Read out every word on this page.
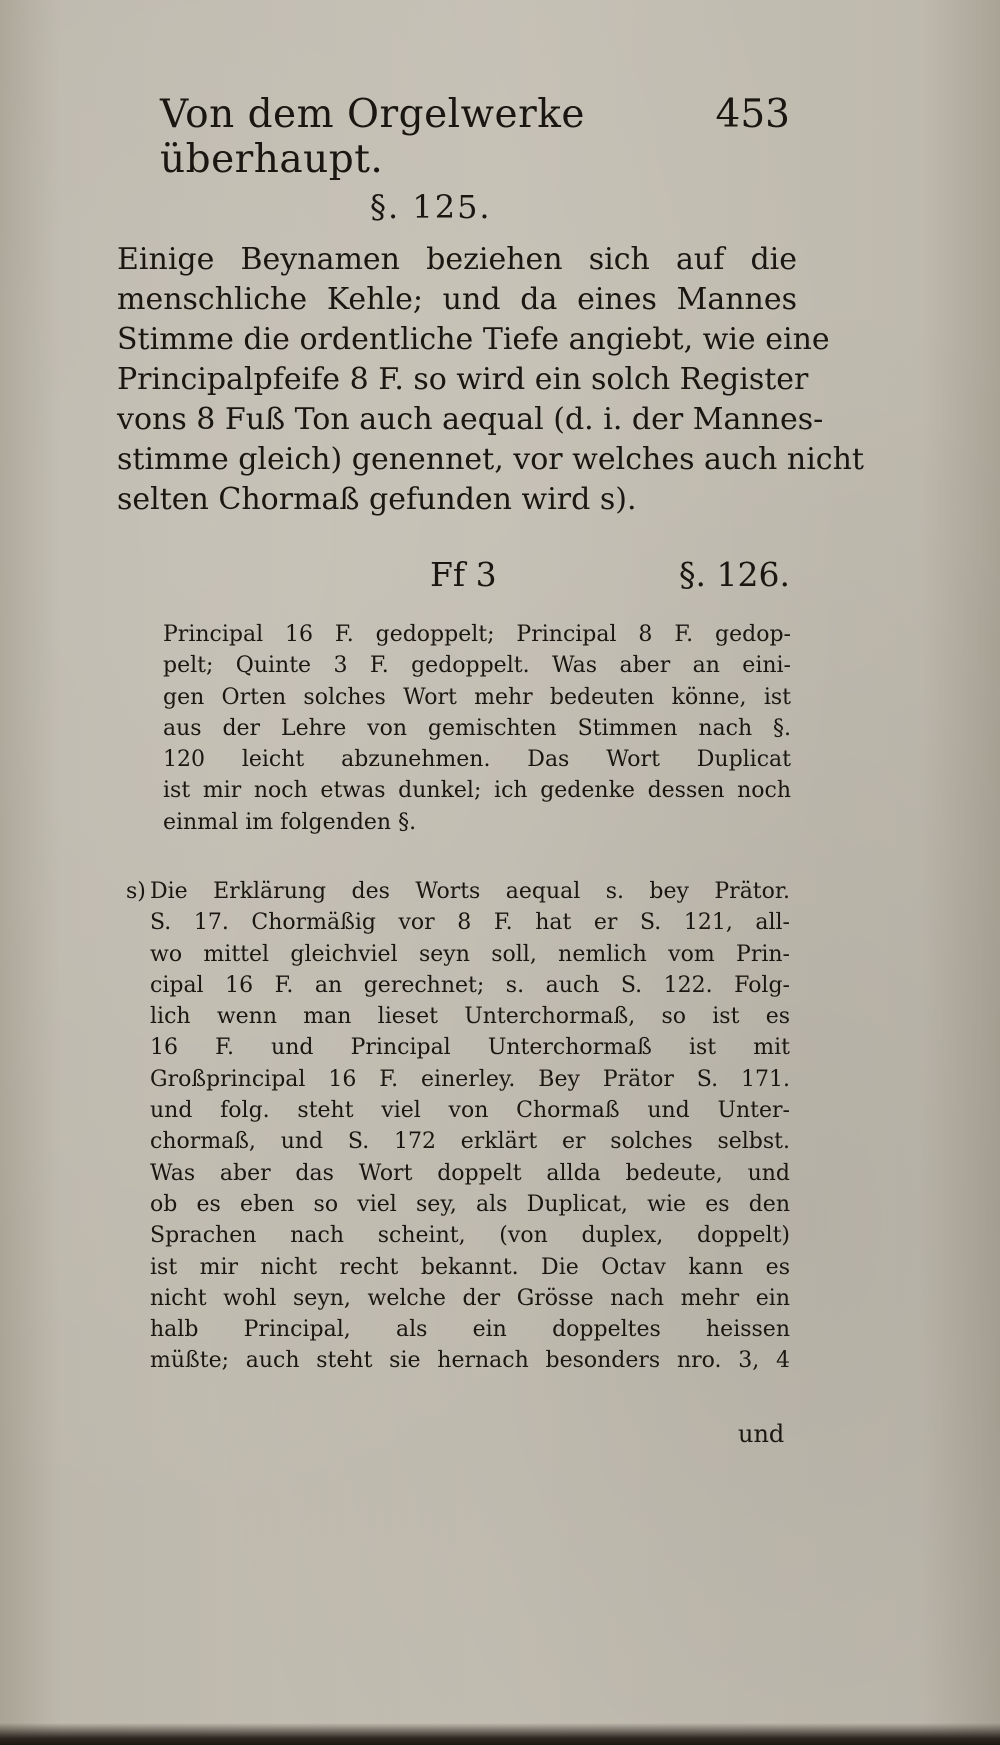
Von dem Orgelwerke überhaupt.
453
§. 125.
Einige Beynamen beziehen sich auf die
menschliche Kehle; und da eines Mannes
Stimme die ordentliche Tiefe angiebt, wie eine
Principalpfeife 8 F. so wird ein solch Register
vons 8 Fuß Ton auch aequal (d. i. der Mannes-
stimme gleich) genennet, vor welches auch nicht
selten Chormaß gefunden wird s).
Ff 3	§. 126.
Principal 16 F. gedoppelt; Principal 8 F. gedop-
pelt; Quinte 3 F. gedoppelt. Was aber an eini-
gen Orten solches Wort mehr bedeuten könne, ist
aus der Lehre von gemischten Stimmen nach §.
120 leicht abzunehmen. Das Wort Duplicat
ist mir noch etwas dunkel; ich gedenke dessen noch
einmal im folgenden §.
s) Die Erklärung des Worts aequal s. bey Prätor.
S. 17. Chormäßig vor 8 F. hat er S. 121, all-
wo mittel gleichviel seyn soll, nemlich vom Prin-
cipal 16 F. an gerechnet; s. auch S. 122. Folg-
lich wenn man lieset Unterchormaß, so ist es
16 F. und Principal Unterchormaß ist mit
Großprincipal 16 F. einerley. Bey Prätor S. 171.
und folg. steht viel von Chormaß und Unter-
chormaß, und S. 172 erklärt er solches selbst.
Was aber das Wort doppelt allda bedeute, und
ob es eben so viel sey, als Duplicat, wie es den
Sprachen nach scheint, (von duplex, doppelt)
ist mir nicht recht bekannt. Die Octav kann es
nicht wohl seyn, welche der Grösse nach mehr ein
halb Principal, als ein doppeltes heissen
müßte; auch steht sie hernach besonders nro. 3, 4
und
